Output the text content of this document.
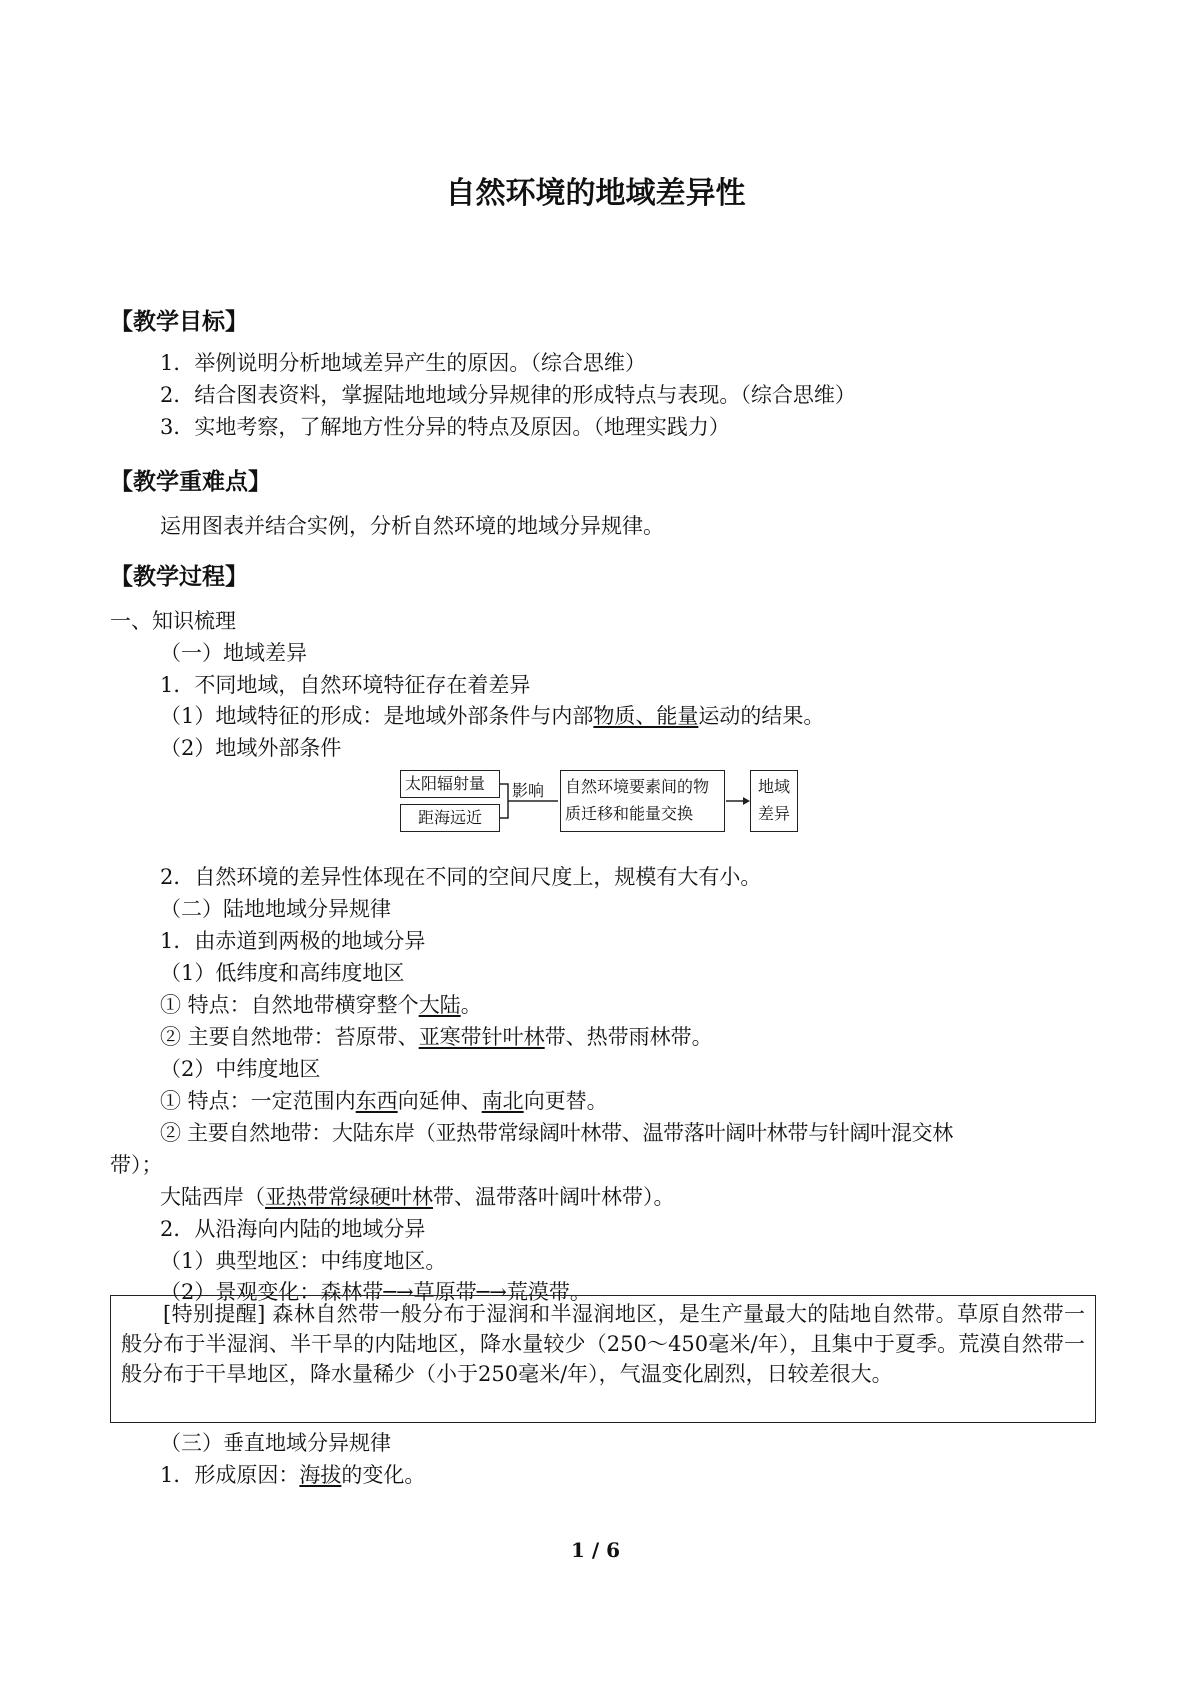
自然环境的地域差异性
【教学目标】
1．举例说明分析地域差异产生的原因。（综合思维）
2．结合图表资料，掌握陆地地域分异规律的形成特点与表现。（综合思维）
3．实地考察，了解地方性分异的特点及原因。（地理实践力）
【教学重难点】
运用图表并结合实例，分析自然环境的地域分异规律。
【教学过程】
一、知识梳理
（一）地域差异
1．不同地域，自然环境特征存在着差异
（1）地域特征的形成：是地域外部条件与内部物质、能量运动的结果。
（2）地域外部条件
太阳辐射量
距海远近
自然环境要素间的物
质迁移和能量交换
地域
差异
影响
2．自然环境的差异性体现在不同的空间尺度上，规模有大有小。
（二）陆地地域分异规律
1．由赤道到两极的地域分异
（1）低纬度和高纬度地区
① 特点：自然地带横穿整个大陆。
② 主要自然地带：苔原带、亚寒带针叶林带、热带雨林带。
（2）中纬度地区
① 特点：一定范围内东西向延伸、南北向更替。
② 主要自然地带：大陆东岸（亚热带常绿阔叶林带、温带落叶阔叶林带与针阔叶混交林
带）；
大陆西岸（亚热带常绿硬叶林带、温带落叶阔叶林带）。
2．从沿海向内陆的地域分异
（1）典型地区：中纬度地区。
（2）景观变化：森林带─→草原带─→荒漠带。
[特别提醒] 森林自然带一般分布于湿润和半湿润地区，是生产量最大的陆地自然带。草原自然带一般分布于半湿润、半干旱的内陆地区，降水量较少（250～450毫米/年），且集中于夏季。荒漠自然带一般分布于干旱地区，降水量稀少（小于250毫米/年），气温变化剧烈，日较差很大。
（三）垂直地域分异规律
1．形成原因：海拔的变化。
1 / 6
